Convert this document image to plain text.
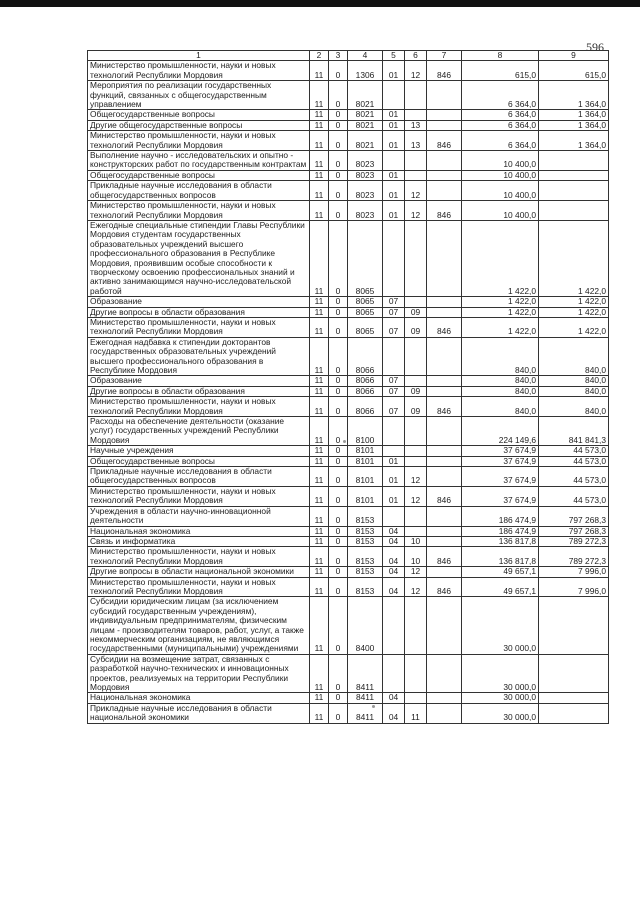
596
1	2	3	4	5	6	7	8	9
Министерство промышленности, науки и новых технологий Республики Мордовия	11	0	1306	01	12	846	615,0	615,0
Мероприятия по реализации государственных функций, связанных с общегосударственным управлением	11	0	8021				6 364,0	1 364,0
Общегосударственные вопросы	11	0	8021	01			6 364,0	1 364,0
Другие общегосударственные вопросы	11	0	8021	01	13		6 364,0	1 364,0
Министерство промышленности, науки и новых технологий Республики Мордовия	11	0	8021	01	13	846	6 364,0	1 364,0
Выполнение научно - исследовательских и опытно - конструкторских работ по государственным контрактам	11	0	8023				10 400,0	
Общегосударственные вопросы	11	0	8023	01			10 400,0	
Прикладные научные исследования в области общегосударственных вопросов	11	0	8023	01	12		10 400,0	
Министерство промышленности, науки и новых технологий Республики Мордовия	11	0	8023	01	12	846	10 400,0	
Ежегодные специальные стипендии Главы Республики Мордовия студентам государственных образовательных учреждений высшего профессионального образования в Республике Мордовия, проявившим особые способности к творческому освоению профессиональных знаний и активно занимающимся научно-исследовательской работой	11	0	8065				1 422,0	1 422,0
Образование	11	0	8065	07			1 422,0	1 422,0
Другие вопросы в области образования	11	0	8065	07	09		1 422,0	1 422,0
Министерство промышленности, науки и новых технологий Республики Мордовия	11	0	8065	07	09	846	1 422,0	1 422,0
Ежегодная надбавка к стипендии докторантов государственных образовательных учреждений высшего профессионального образования в Республике Мордовия	11	0	8066				840,0	840,0
Образование	11	0	8066	07			840,0	840,0
Другие вопросы в области образования	11	0	8066	07	09		840,0	840,0
Министерство промышленности, науки и новых технологий Республики Мордовия	11	0	8066	07	09	846	840,0	840,0
Расходы на обеспечение деятельности (оказание услуг) государственных учреждений Республики Мордовия	11	0	8100				224 149,6	841 841,3
Научные учреждения	11	0	8101				37 674,9	44 573,0
Общегосударственные вопросы	11	0	8101	01			37 674,9	44 573,0
Прикладные научные исследования в области общегосударственных вопросов	11	0	8101	01	12		37 674,9	44 573,0
Министерство промышленности, науки и новых технологий Республики Мордовия	11	0	8101	01	12	846	37 674,9	44 573,0
Учреждения в области научно-инновационной деятельности	11	0	8153				186 474,9	797 268,3
Национальная экономика	11	0	8153	04			186 474,9	797 268,3
Связь и информатика	11	0	8153	04	10		136 817,8	789 272,3
Министерство промышленности, науки и новых технологий Республики Мордовия	11	0	8153	04	10	846	136 817,8	789 272,3
Другие вопросы в области национальной экономики	11	0	8153	04	12		49 657,1	7 996,0
Министерство промышленности, науки и новых технологий Республики Мордовия	11	0	8153	04	12	846	49 657,1	7 996,0
Субсидии юридическим лицам (за исключением субсидий государственным учреждениям), индивидуальным предпринимателям, физическим лицам - производителям товаров, работ, услуг, а также некоммерческим организациям, не являющимся государственными (муниципальными) учреждениями	11	0	8400				30 000,0	
Субсидии на возмещение затрат, связанных с разработкой научно-технических и инновационных проектов, реализуемых на территории Республики Мордовия	11	0	8411				30 000,0	
Национальная экономика	11	0	8411	04			30 000,0	
Прикладные научные исследования в области национальной экономики	11	0	8411	04	11		30 000,0	
